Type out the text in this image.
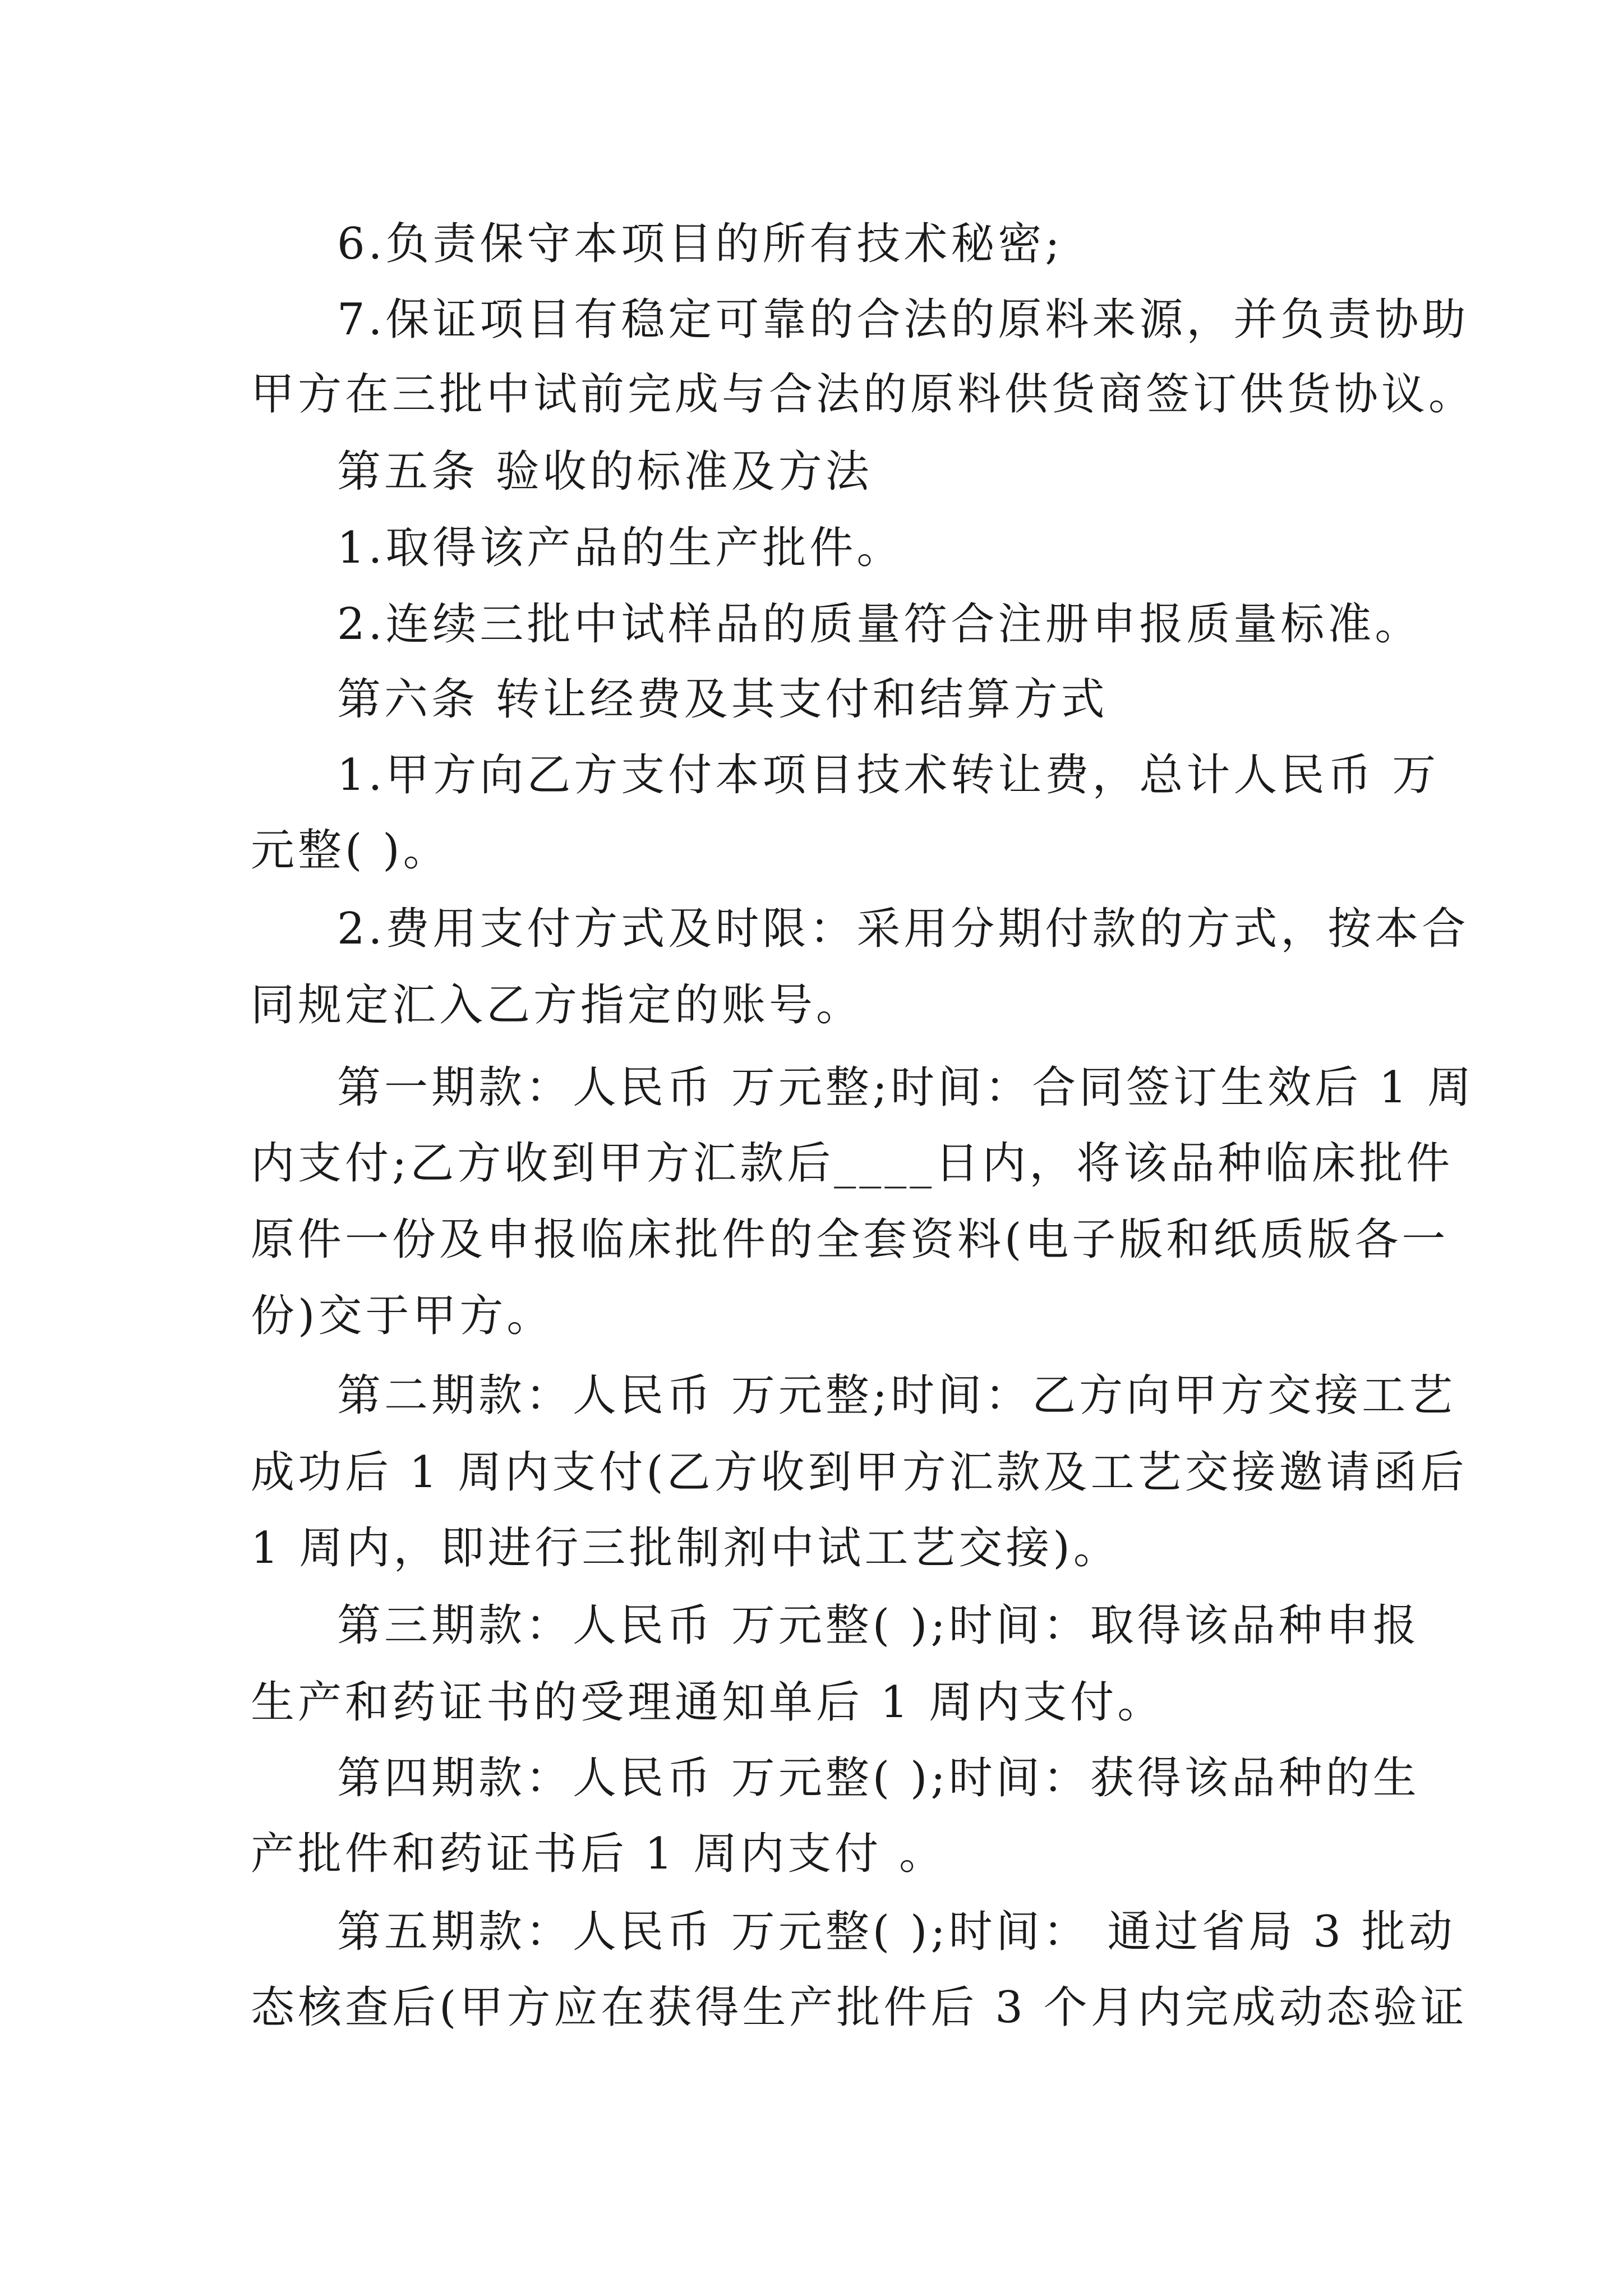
6.负责保守本项目的所有技术秘密;

7.保证项目有稳定可靠的合法的原料来源，并负责协助

甲方在三批中试前完成与合法的原料供货商签订供货协议。

第五条 验收的标准及方法

1.取得该产品的生产批件。

2.连续三批中试样品的质量符合注册申报质量标准。

第六条 转让经费及其支付和结算方式

1.甲方向乙方支付本项目技术转让费，总计人民币 万

元整( )。

2.费用支付方式及时限：采用分期付款的方式，按本合

同规定汇入乙方指定的账号。

第一期款：人民币 万元整;时间：合同签订生效后 1 周

内支付;乙方收到甲方汇款后____日内，将该品种临床批件

原件一份及申报临床批件的全套资料(电子版和纸质版各一

份)交于甲方。

第二期款：人民币 万元整;时间：乙方向甲方交接工艺

成功后 1 周内支付(乙方收到甲方汇款及工艺交接邀请函后

1 周内，即进行三批制剂中试工艺交接)。

第三期款：人民币 万元整( );时间：取得该品种申报

生产和药证书的受理通知单后 1 周内支付。

第四期款：人民币 万元整( );时间：获得该品种的生

产批件和药证书后 1 周内支付 。

第五期款：人民币 万元整( );时间： 通过省局 3 批动

态核查后(甲方应在获得生产批件后 3 个月内完成动态验证
